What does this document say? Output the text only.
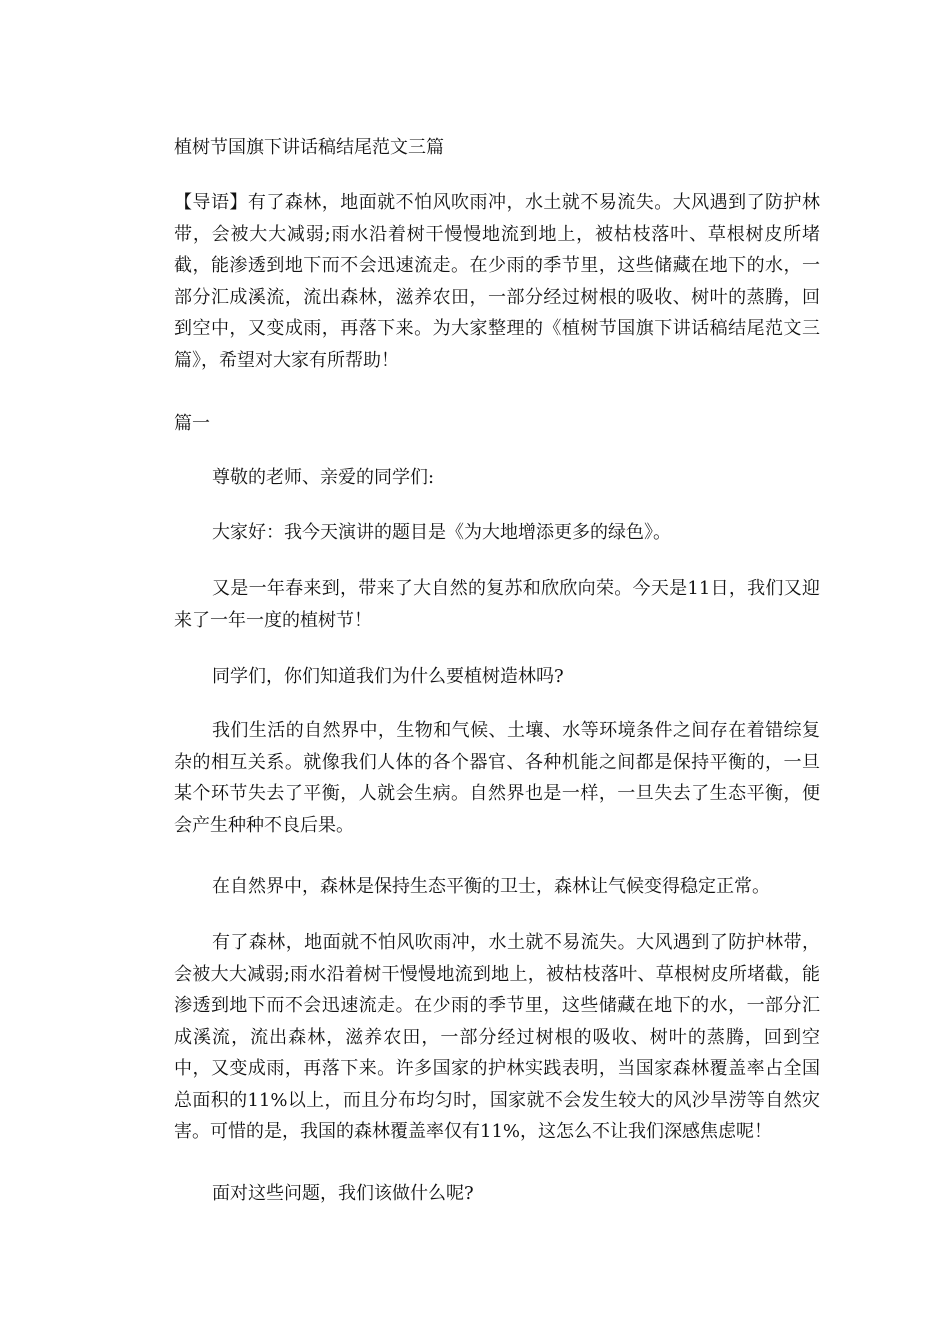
植树节国旗下讲话稿结尾范文三篇
【导语】有了森林，地面就不怕风吹雨冲，水土就不易流失。大风遇到了防护林带，会被大大减弱;雨水沿着树干慢慢地流到地上，被枯枝落叶、草根树皮所堵截，能渗透到地下而不会迅速流走。在少雨的季节里，这些储藏在地下的水，一部分汇成溪流，流出森林，滋养农田，一部分经过树根的吸收、树叶的蒸腾，回到空中，又变成雨，再落下来。为大家整理的《植树节国旗下讲话稿结尾范文三篇》，希望对大家有所帮助！
篇一
尊敬的老师、亲爱的同学们:
大家好：我今天演讲的题目是《为大地增添更多的绿色》。
又是一年春来到，带来了大自然的复苏和欣欣向荣。今天是11日，我们又迎来了一年一度的植树节！
同学们，你们知道我们为什么要植树造林吗?
我们生活的自然界中，生物和气候、土壤、水等环境条件之间存在着错综复杂的相互关系。就像我们人体的各个器官、各种机能之间都是保持平衡的，一旦某个环节失去了平衡，人就会生病。自然界也是一样，一旦失去了生态平衡，便会产生种种不良后果。
在自然界中，森林是保持生态平衡的卫士，森林让气候变得稳定正常。
有了森林，地面就不怕风吹雨冲，水土就不易流失。大风遇到了防护林带，会被大大减弱;雨水沿着树干慢慢地流到地上，被枯枝落叶、草根树皮所堵截，能渗透到地下而不会迅速流走。在少雨的季节里，这些储藏在地下的水，一部分汇成溪流，流出森林，滋养农田，一部分经过树根的吸收、树叶的蒸腾，回到空中，又变成雨，再落下来。许多国家的护林实践表明，当国家森林覆盖率占全国总面积的11%以上，而且分布均匀时，国家就不会发生较大的风沙旱涝等自然灾害。可惜的是，我国的森林覆盖率仅有11%，这怎么不让我们深感焦虑呢！
面对这些问题，我们该做什么呢?
